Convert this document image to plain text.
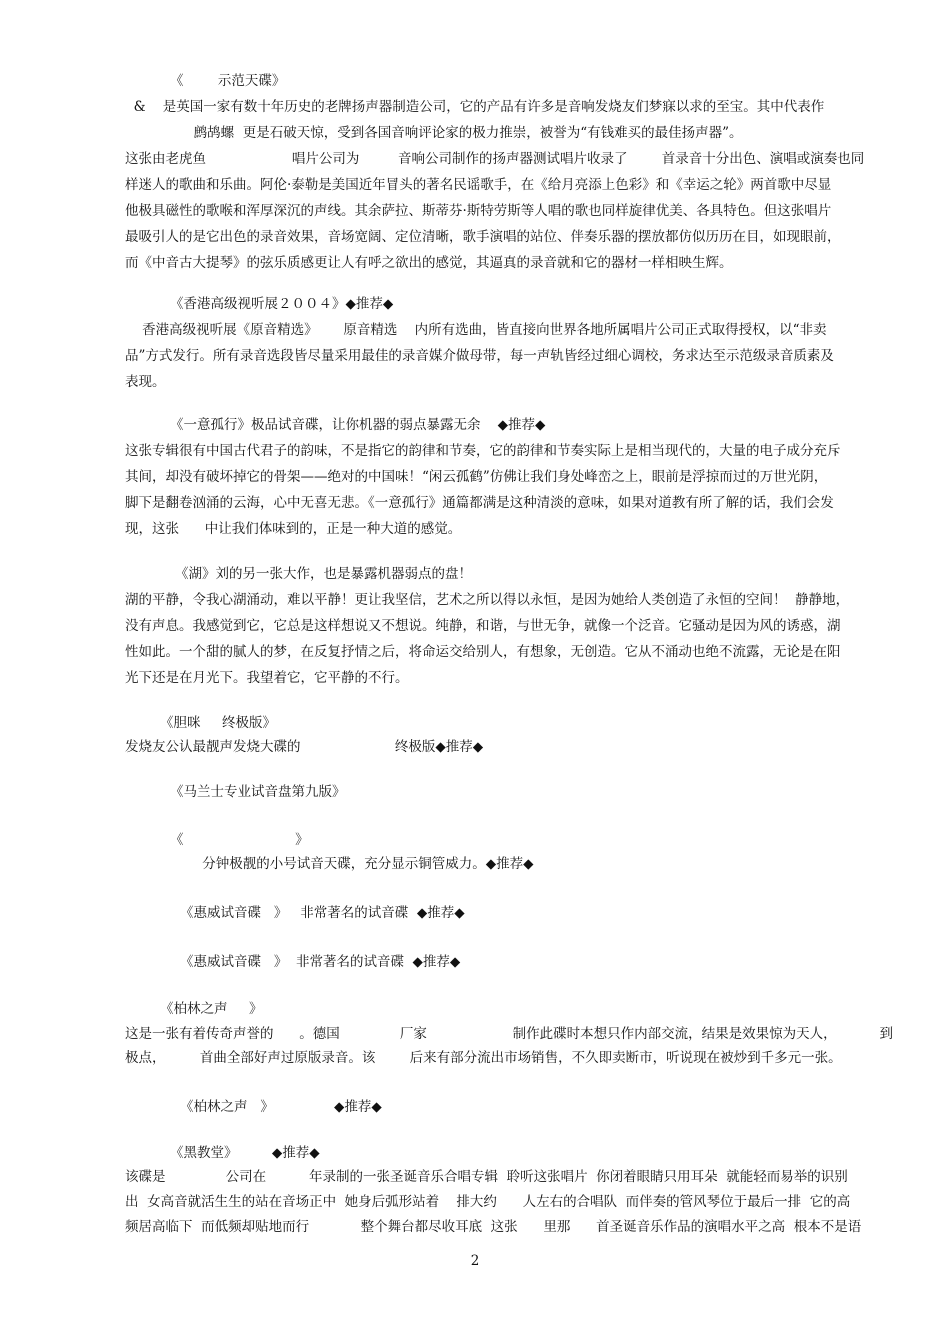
《        示范天碟》
&    是英国一家有数十年历史的老牌扬声器制造公司，它的产品有许多是音响发烧友们梦寐以求的至宝。其中代表作
鹧鸪螺  更是石破天惊，受到各国音响评论家的极力推崇，被誉为“有钱难买的最佳扬声器”。
这张由老虎鱼                    唱片公司为         音响公司制作的扬声器测试唱片收录了        首录音十分出色、演唱或演奏也同
样迷人的歌曲和乐曲。阿伦·泰勒是美国近年冒头的著名民谣歌手，在《给月亮添上色彩》和《幸运之轮》两首歌中尽显
他极具磁性的歌喉和浑厚深沉的声线。其余萨拉、斯蒂芬·斯特劳斯等人唱的歌也同样旋律优美、各具特色。但这张唱片
最吸引人的是它出色的录音效果，音场宽阔、定位清晰，歌手演唱的站位、伴奏乐器的摆放都仿似历历在目，如现眼前，
而《中音古大提琴》的弦乐质感更让人有呼之欲出的感觉，其逼真的录音就和它的器材一样相映生辉。
《香港高级视听展２００４》◆推荐◆
香港高级视听展《原音精选》      原音精选    内所有选曲，皆直接向世界各地所属唱片公司正式取得授权，以“非卖
品”方式发行。所有录音选段皆尽量采用最佳的录音媒介做母带，每一声轨皆经过细心调校，务求达至示范级录音质素及
表现。
《一意孤行》极品试音碟，让你机器的弱点暴露无余    ◆推荐◆
这张专辑很有中国古代君子的韵味，不是指它的韵律和节奏，它的韵律和节奏实际上是相当现代的，大量的电子成分充斥
其间，却没有破坏掉它的骨架——绝对的中国味！“闲云孤鹤”仿佛让我们身处峰峦之上，眼前是浮掠而过的万世光阴，
脚下是翻卷汹涌的云海，心中无喜无悲。《一意孤行》通篇都满是这种清淡的意味，如果对道教有所了解的话，我们会发
现，这张      中让我们体味到的，正是一种大道的感觉。
《湖》刘的另一张大作，也是暴露机器弱点的盘！
湖的平静，令我心湖涌动，难以平静！更让我坚信，艺术之所以得以永恒，是因为她给人类创造了永恒的空间！  静静地，
没有声息。我感觉到它，它总是这样想说又不想说。纯静，和谐，与世无争，就像一个泛音。它骚动是因为风的诱惑，湖
性如此。一个甜的腻人的梦，在反复抒情之后，将命运交给别人，有想象，无创造。它从不涌动也绝不流露，无论是在阳
光下还是在月光下。我望着它，它平静的不行。
《胆咪     终极版》
发烧友公认最靓声发烧大碟的                      终极版◆推荐◆
《马兰士专业试音盘第九版》
《                          》
分钟极靓的小号试音天碟，充分显示铜管威力。◆推荐◆
《惠威试音碟   》   非常著名的试音碟  ◆推荐◆
《惠威试音碟   》  非常著名的试音碟  ◆推荐◆
《柏林之声     》
这是一张有着传奇声誉的      。德国              厂家                    制作此碟时本想只作内部交流，结果是效果惊为天人，          到
极点，        首曲全部好声过原版录音。该        后来有部分流出市场销售，不久即卖断市，听说现在被炒到千多元一张。
《柏林之声   》              ◆推荐◆
《黑教堂》        ◆推荐◆
该碟是              公司在          年录制的一张圣诞音乐合唱专辑  聆听这张唱片  你闭着眼睛只用耳朵  就能轻而易举的识别
出  女高音就活生生的站在音场正中  她身后弧形站着    排大约      人左右的合唱队  而伴奏的管风琴位于最后一排  它的高
频居高临下  而低频却贴地而行            整个舞台都尽收耳底  这张      里那      首圣诞音乐作品的演唱水平之高  根本不是语
2
